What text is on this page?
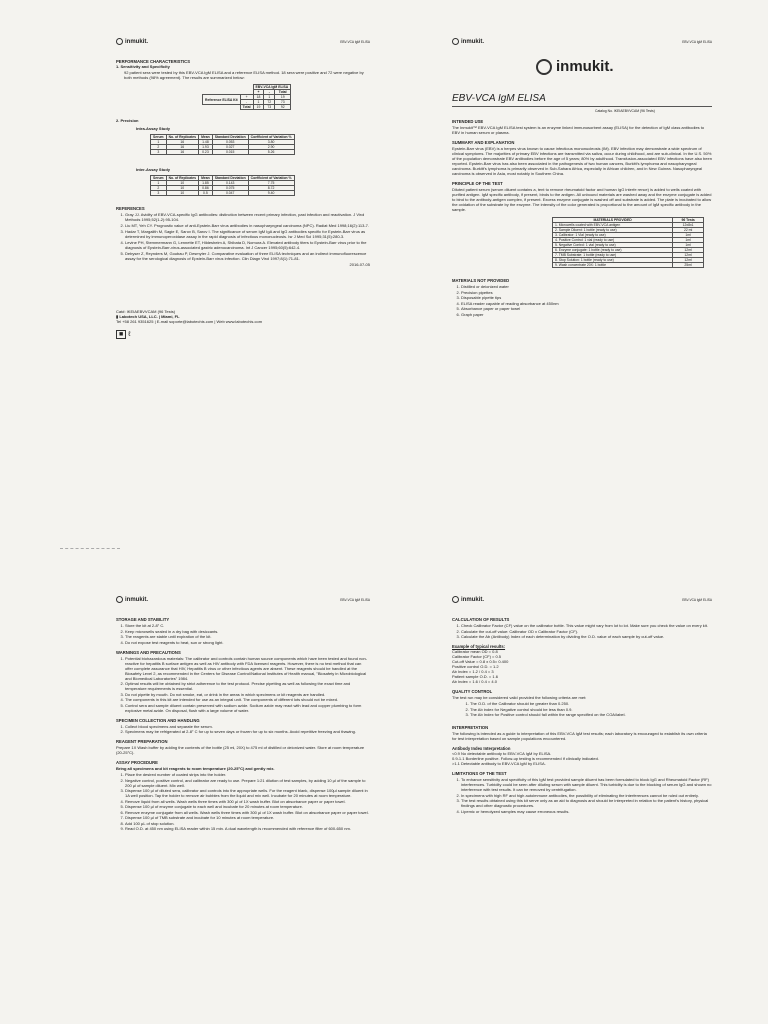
inmukit.	EBV-VCA IgM ELISA
PERFORMANCE CHARACTERISTICS
1. Sensitivity and Specificity

92 patient sera were tested by this EBV-VCA IgM ELISA and a reference ELISA method. 18 sera were positive and 72 were negative by both methods (98% agreement). The results are summarized below:

		EBV-VCA IgM ELISA		
		+	-	Total
Reference ELISA Kit	+	18	1	19
	-	1	72	73
	Total	19	73	92
2. Precision
Intra-Assay Study
Serum	No. of Replicates	Mean	Standard Deviation	Coefficient of Variation %
1	16	1.48	0.053	3.80
2	16	1.93	0.027	2.90
3	16	0.23	0.015	5.26
Inter-Assay Study
Serum	No. of Replicates	Mean	Standard Deviation	Coefficient of Variation %
1	10	1.85	0.143	7.75
2	10	0.86	0.075	8.72
3	10	0.5	0.047	9.40
REFERENCES
1. Gray JJ. Avidity of EBV-VCA-specific IgG antibodies: distinction between recent primary infection, past infection and reactivation. J Virol Methods 1995;52(1-2):95-104.
2. Liu MT, Yeh CY. Prognostic value of anti-Epstein-Barr virus antibodies in nasopharyngeal carcinoma (NPC). Radiat Med 1998;16(2):113-7.
3. Hadar T, Margalith M, Sagie E, Sarov B, Sarov I. The significance of serum IgM IgA and IgG antibodies specific for Epstein-Barr virus as determined by immunoperoxidase assay in the rapid diagnosis of infectious mononucleosis. Isr J Med Sci 1995;31(5):280-3.
4. Levine PH, Stemmermann G, Lennette ET, Hildesheim A, Shibata D, Nomura A. Elevated antibody titers to Epstein-Barr virus prior to the diagnosis of Epstein-Barr-virus-associated gastric adenocarcinoma. Int J Cancer 1995;60(5):642-4.
5. Debyser Z, Reynders M, Goubau P, Desmyter J. Comparative evaluation of three ELISA techniques and an indirect immunofluorescence assay for the serological diagnosis of Epstein-Barr virus infection. Clin Diagn Virol 1997;8(1):71-81.
2016-07-05
Cat#: IKEIAEBVVCAM (96 Tests)
▮ Labotech USA, LLC. | Miami, FL
Tel +58 261 9351625 | E-mail soporte@labotechis.com | Web www.labotechis.com
■ ℓ
inmukit.	EBV-VCA IgM ELISA
inmukit.
EBV-VCA IgM ELISA
Catalog No. IKEIAEBVVCAM (96 Tests)
INTENDED USE

The Inmukit™ EBV-VCA IgM ELISA test system is an enzyme linked immunosorbent assay (ELISA) for the detection of IgM class antibodies to EBV in human serum or plasma.

SUMMARY AND EXPLANATION

Epstein-Barr virus (EBV) is a herpes virus known to cause infectious mononucleosis (IM). EBV infection may demonstrate a wide spectrum of clinical symptoms. The majorities of primary EBV infections are transmitted via saliva, occur during childhood, and are sub-clinical. In the U.S. 50% of the population demonstrate EBV antibodies before the age of 5 years; 80% by adulthood. Transfusion-associated EBV infections have also been reported. Epstein-Barr virus has also been associated in the pathogenesis of two human cancers, Burkitt's lymphoma and nasopharyngeal carcinoma. Burkitt's lymphoma is primarily observed in Sub-Sahara Africa, especially in African children, and in New Guinea. Nasopharyngeal carcinoma is observed in Asia, most notably in Southern China.

PRINCIPLE OF THE TEST

Diluted patient serum (serum diluent contains a, tent to remove rheumatoid factor and human IgG interfe rence) is added to wells coated with purified antigen. IgM specific antibody, if present, binds to the antigen. All unbound materials are washed away and the enzyme conjugate is added to bind to the antibody-antigen complex, if present. Excess enzyme conjugate is washed off and substrate is added. The plate is incubated to allow the oxidation of the substrate by the enzyme. The intensity of the color generated is proportional to the amount of IgM specific antibody in the sample.

MATERIALS PROVIDED	96 Tests
1. Microwells coated with EBV-VCA antigen	12x8x1
2. Sample Diluent: 1 bottle (ready to use)	22 ml
3. Calibrator: 1 Vial (ready to use)	1ml
4. Positive Control: 1 vial (ready to use)	1ml
5. Negative Control: 1 vial (ready to use)	1ml
6. Enzyme conjugate: 1 bottle (ready to use)	12ml
7. TMB Substrate: 1 bottle (ready to use)	12ml
8. Stop Solution: 1 bottle (ready to use)	12ml
9. Wash concentrate 20X: 1 bottle	25ml
MATERIALS NOT PROVIDED
1. Distilled or deionized water
2. Precision pipettes
3. Disposable pipette tips
4. ELISA reader capable of reading absorbance at 450nm
5. Absorbance paper or paper towel
6. Graph paper
inmukit.	EBV-VCA IgM ELISA
STORAGE AND STABILITY
1. Store the kit at 2-8° C.
2. Keep microwells sealed in a dry bag with desiccants.
3. The reagents are stable until expiration of the kit.
4. Do not expose test reagents to heat, sun or strong light.
WARNINGS AND PRECAUTIONS
1. Potential biohazardous materials: The calibrator and controls contain human source components which have been tested and found non-reactive for hepatitis B surface antigen as well as HIV antibody with FDA licensed reagents. However, there is no test method that can offer complete assurance that HIV, Hepatitis B virus or other infectious agents are absent. These reagents should be handled at the Biosafety Level 2, as recommended in the Centers for Disease Control/National Institutes of Health manual, "Biosafety in Microbiological and Biomedical Laboratories" 1984.
2. Optimal results will be obtained by strict adherence to the test protocol. Precise pipetting as well as following the exact time and temperature requirements is essential.
3. Do not pipette by mouth. Do not smoke, eat, or drink in the areas in which specimens or kit reagents are handled.
4. The components in this kit are intended for use as an integral unit. The components of different lots should not be mixed.
5. Control sera and sample diluent contain preserved with sodium azide. Sodium azide may react with lead and copper plumbing to form explosive metal azide. On disposal, flush with a large volume of water.
SPECIMEN COLLECTION AND HANDLING
1. Collect blood specimens and separate the serum.
2. Specimens may be refrigerated at 2-8° C for up to seven days or frozen for up to six months. Avoid repetitive freezing and thawing.
REAGENT PREPARATION

Prepare 1X Wash buffer by adding the contents of the bottle (25 ml, 20X) to 475 ml of distilled or deionized water. Store at room temperature (20-25°C).

ASSAY PROCEDURE

Bring all specimens and kit reagents to room temperature (20-25°C) and gently mix.

1. Place the desired number of coated strips into the holder.
2. Negative control, positive control, and calibrator are ready to use. Prepare 1:21 dilution of test samples, by adding 10 µl of the sample to 200 µl of sample diluent. Mix well.
3. Dispense 100 µl of diluted sera, calibrator and controls into the appropriate wells. For the reagent blank, dispense 100µl sample diluent in 1A well position. Tap the holder to remove air bubbles from the liquid and mix well. Incubate for 20 minutes at room temperature.
4. Remove liquid from all wells. Wash wells three times with 300 µl of 1X wash buffer. Blot on absorbance paper or paper towel.
5. Dispense 100 µl of enzyme conjugate to each well and incubate for 20 minutes at room temperature.
6. Remove enzyme conjugate from all wells. Wash wells three times with 300 µl of 1X wash buffer. Blot on absorbance paper or paper towel.
7. Dispense 100 µl of TMB substrate and incubate for 10 minutes at room temperature.
8. Add 100 µL of stop solution.
9. Read O.D. at 450 nm using ELISA reader within 15 min. A dual wavelength is recommended with reference filter of 600-650 nm.
inmukit.	EBV-VCA IgM ELISA
CALCULATION OF RESULTS
1. Check Calibrator Factor (CF) value on the calibrator bottle. This value might vary from lot to lot. Make sure you check the value on every kit.
2. Calculate the cut-off value: Calibrator OD x Calibrator Factor (CF).
3. Calculate the Ab (Antibody) Index of each determination by dividing the O.D. value of each sample by cut-off value.
Example of typical results:
Calibrator mean OD = 0.8
Calibrator Factor (CF) = 0.5
Cut-off Value = 0.8 x 0.5= 0.400
Positive control O.D. = 1.2
Ab Index = 1.2 / 0.4 = 3
Patient sample O.D. = 1.6
Ab Index = 1.6 / 0.4 = 4.0
QUALITY CONTROL

The test run may be considered valid provided the following criteria are met:

1. The O.D. of the Calibrator should be greater than 0.250.
2. The Ab index for Negative control should be less than 0.9.
3. The Ab Index for Positive control should fall within the range specified on the COA/label.
INTERPRETATION

The following is intended as a guide to interpretation of this EBV-VCA IgM test results; each laboratory is encouraged to establish its own criteria for test interpretation based on sample populations encountered.

Antibody Index Interpretation
<0.9 No detectable antibody to EBV-VCA IgM by ELISA.
0.9-1.1 Borderline positive. Follow-up testing is recommended if clinically indicated.
>1.1 Detectable antibody to EBV-VCA IgM by ELISA.
LIMITATIONS OF THE TEST
1. To enhance sensitivity and specificity of this IgM test provided sample diluent has been formulated to block IgG and Rheumatoid Factor (RF) interferences. Turbidity could be seen after diluting serum with sample diluent. This turbidity is due to the blocking of serum IgG and shown no interference with test results. It can be removed by centrifugation.
2. In specimens with high RF and high autoimmune antibodies, the possibility of eliminating the interferences cannot be ruled out entirely.
3. The test results obtained using this kit serve only as an aid to diagnosis and should be interpreted in relation to the patient's history, physical findings and other diagnostic procedures.
4. Lipemic or hemolyzed samples may cause erroneous results.
